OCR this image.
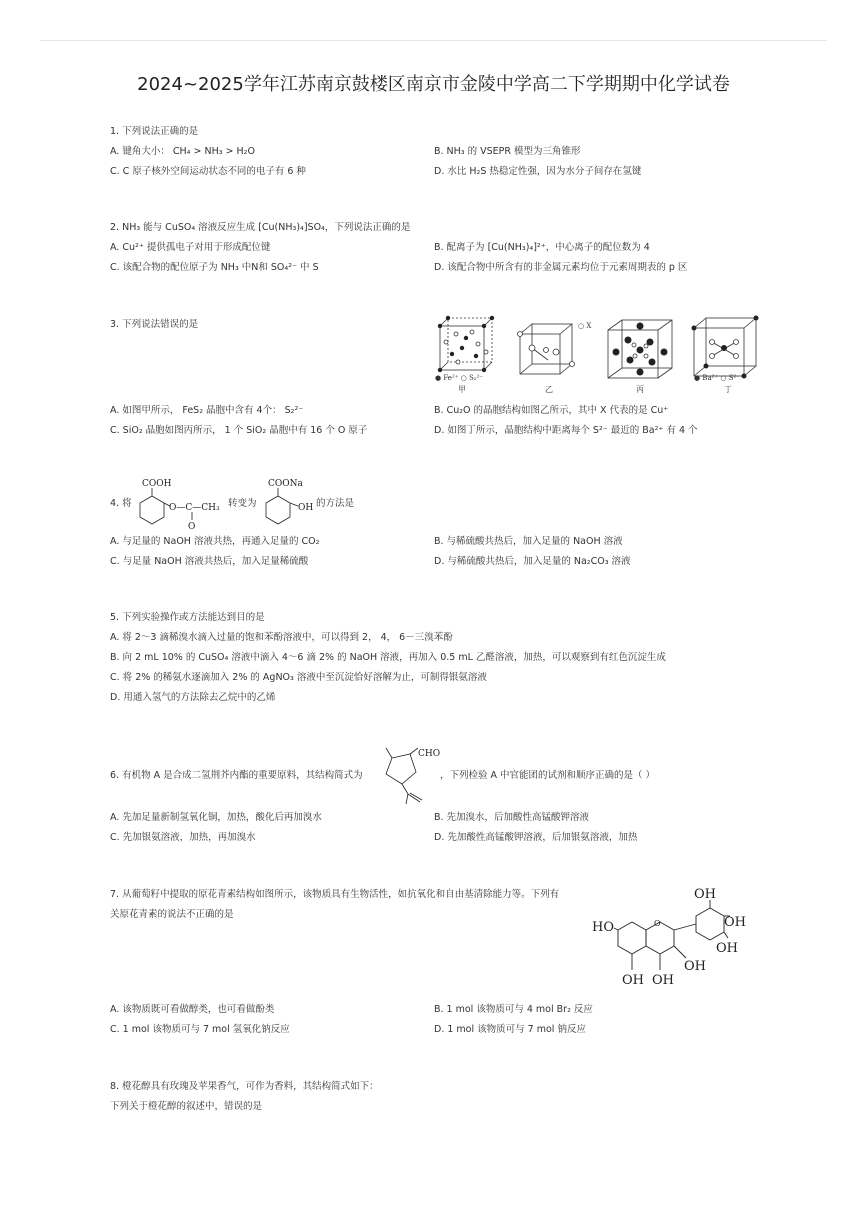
2024~2025学年江苏南京鼓楼区南京市金陵中学高二下学期期中化学试卷
1. 下列说法正确的是
A. 键角大小： CH₄ > NH₃ > H₂O	B. NH₃ 的 VSEPR 模型为三角锥形
C. C 原子核外空间运动状态不同的电子有 6 种	D. 水比 H₂S 热稳定性强，因为水分子间存在氢键
2. NH₃ 能与 CuSO₄ 溶液反应生成 [Cu(NH₃)₄]SO₄，下列说法正确的是
A. Cu²⁺ 提供孤电子对用于形成配位键	B. 配离子为 [Cu(NH₃)₄]²⁺，中心离子的配位数为 4
C. 该配合物的配位原子为 NH₃ 中N和 SO₄²⁻ 中 S	D. 该配合物中所含有的非金属元素均位于元素周期表的 p 区
3. 下列说法错误的是
● Fe²⁺ ○ S₂²⁻
甲
○ X
乙	丙
● Ba²⁺ ○ S²⁻
丁
A. 如图甲所示， FeS₂ 晶胞中含有 4个： S₂²⁻	B. Cu₂O 的晶胞结构如图乙所示，其中 X 代表的是 Cu⁺
C. SiO₂ 晶胞如图丙所示， 1 个 SiO₂ 晶胞中有 16 个 O 原子	D. 如图丁所示，晶胞结构中距离每个 S²⁻ 最近的 Ba²⁺ 有 4 个
4. 将
COOH
O—C—CH₃
O
转变为
COONa
OH 的方法是
A. 与足量的 NaOH 溶液共热，再通入足量的 CO₂	B. 与稀硫酸共热后，加入足量的 NaOH 溶液
C. 与足量 NaOH 溶液共热后，加入足量稀硫酸	D. 与稀硫酸共热后，加入足量的 Na₂CO₃ 溶液
5. 下列实验操作或方法能达到目的是
A. 将 2～3 滴稀溴水滴入过量的饱和苯酚溶液中，可以得到 2， 4， 6－三溴苯酚
B. 向 2 mL 10% 的 CuSO₄ 溶液中滴入 4～6 滴 2% 的 NaOH 溶液，再加入 0.5 mL 乙醛溶液，加热，可以观察到有红色沉淀生成
C. 将 2% 的稀氨水逐滴加入 2% 的 AgNO₃ 溶液中至沉淀恰好溶解为止，可制得银氨溶液
D. 用通入氢气的方法除去乙烷中的乙烯
6. 有机物 A 是合成二氢荆芥内酯的重要原料，其结构简式为
CHO
，下列检验 A 中官能团的试剂和顺序正确的是（ ）
A. 先加足量新制氢氧化铜，加热，酸化后再加溴水	B. 先加溴水，后加酸性高锰酸钾溶液
C. 先加银氨溶液，加热，再加溴水	D. 先加酸性高锰酸钾溶液，后加银氨溶液，加热
7. 从葡萄籽中提取的原花青素结构如图所示，该物质具有生物活性，如抗氧化和自由基清除能力等。下列有
关原花青素的说法不正确的是
O
HO
OH OH
OH
OH
OH
OH
A. 该物质既可看做醇类，也可看做酚类	B. 1 mol 该物质可与 4 mol Br₂ 反应
C. 1 mol 该物质可与 7 mol 氢氧化钠反应	D. 1 mol 该物质可与 7 mol 钠反应
8. 橙花醇具有玫瑰及苹果香气，可作为香料，其结构简式如下：
下列关于橙花醇的叙述中，错误的是
